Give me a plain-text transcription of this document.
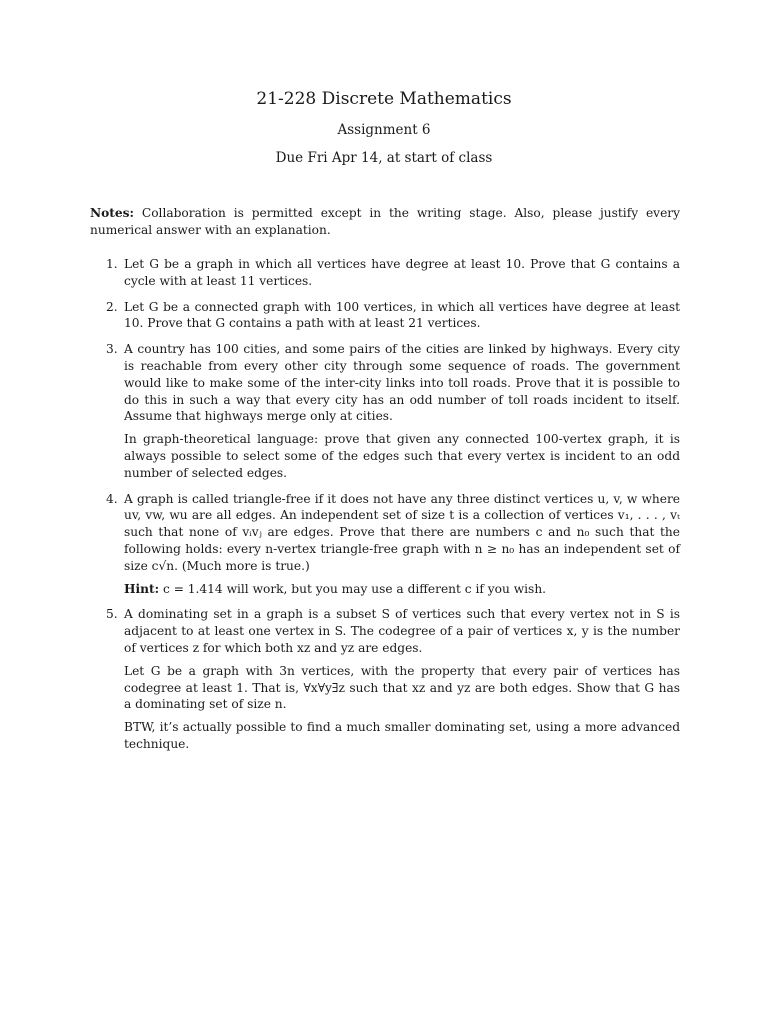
21-228 Discrete Mathematics
Assignment 6
Due Fri Apr 14, at start of class
Notes: Collaboration is permitted except in the writing stage. Also, please justify every numerical answer with an explanation.
1. Let G be a graph in which all vertices have degree at least 10. Prove that G contains a cycle with at least 11 vertices.

2. Let G be a connected graph with 100 vertices, in which all vertices have degree at least 10. Prove that G contains a path with at least 21 vertices.

3. A country has 100 cities, and some pairs of the cities are linked by highways. Every city is reachable from every other city through some sequence of roads. The government would like to make some of the inter-city links into toll roads. Prove that it is possible to do this in such a way that every city has an odd number of toll roads incident to itself. Assume that highways merge only at cities.

In graph-theoretical language: prove that given any connected 100-vertex graph, it is always possible to select some of the edges such that every vertex is incident to an odd number of selected edges.

4. A graph is called triangle-free if it does not have any three distinct vertices u, v, w where uv, vw, wu are all edges. An independent set of size t is a collection of vertices v₁, . . . , vₜ such that none of vᵢvⱼ are edges. Prove that there are numbers c and n₀ such that the following holds: every n-vertex triangle-free graph with n ≥ n₀ has an independent set of size c√n. (Much more is true.)

Hint: c = 1.414 will work, but you may use a different c if you wish.

5. A dominating set in a graph is a subset S of vertices such that every vertex not in S is adjacent to at least one vertex in S. The codegree of a pair of vertices x, y is the number of vertices z for which both xz and yz are edges.

Let G be a graph with 3n vertices, with the property that every pair of vertices has codegree at least 1. That is, ∀x∀y∃z such that xz and yz are both edges. Show that G has a dominating set of size n.

BTW, it’s actually possible to find a much smaller dominating set, using a more advanced technique.
